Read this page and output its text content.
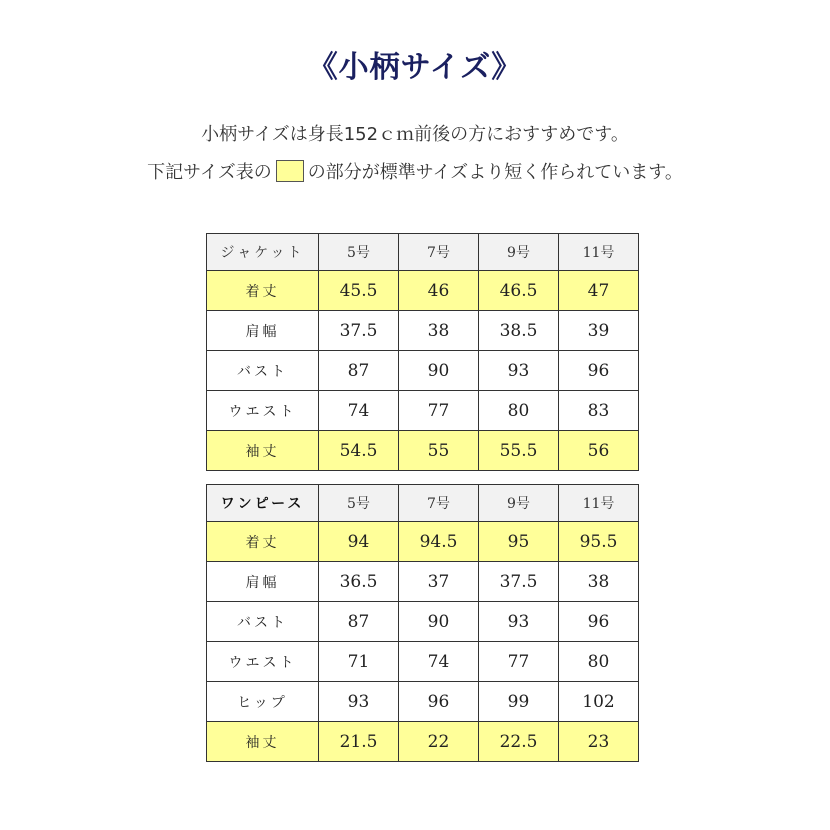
《小柄サイズ》
小柄サイズは身長152ｃｍ前後の方におすすめです。
下記サイズ表の の部分が標準サイズより短く作られています。
ジャケット	5号	7号	9号	11号
着丈	45.5	46	46.5	47
肩幅	37.5	38	38.5	39
バスト	87	90	93	96
ウエスト	74	77	80	83
袖丈	54.5	55	55.5	56
ワンピース	5号	7号	9号	11号
着丈	94	94.5	95	95.5
肩幅	36.5	37	37.5	38
バスト	87	90	93	96
ウエスト	71	74	77	80
ヒップ	93	96	99	102
袖丈	21.5	22	22.5	23
